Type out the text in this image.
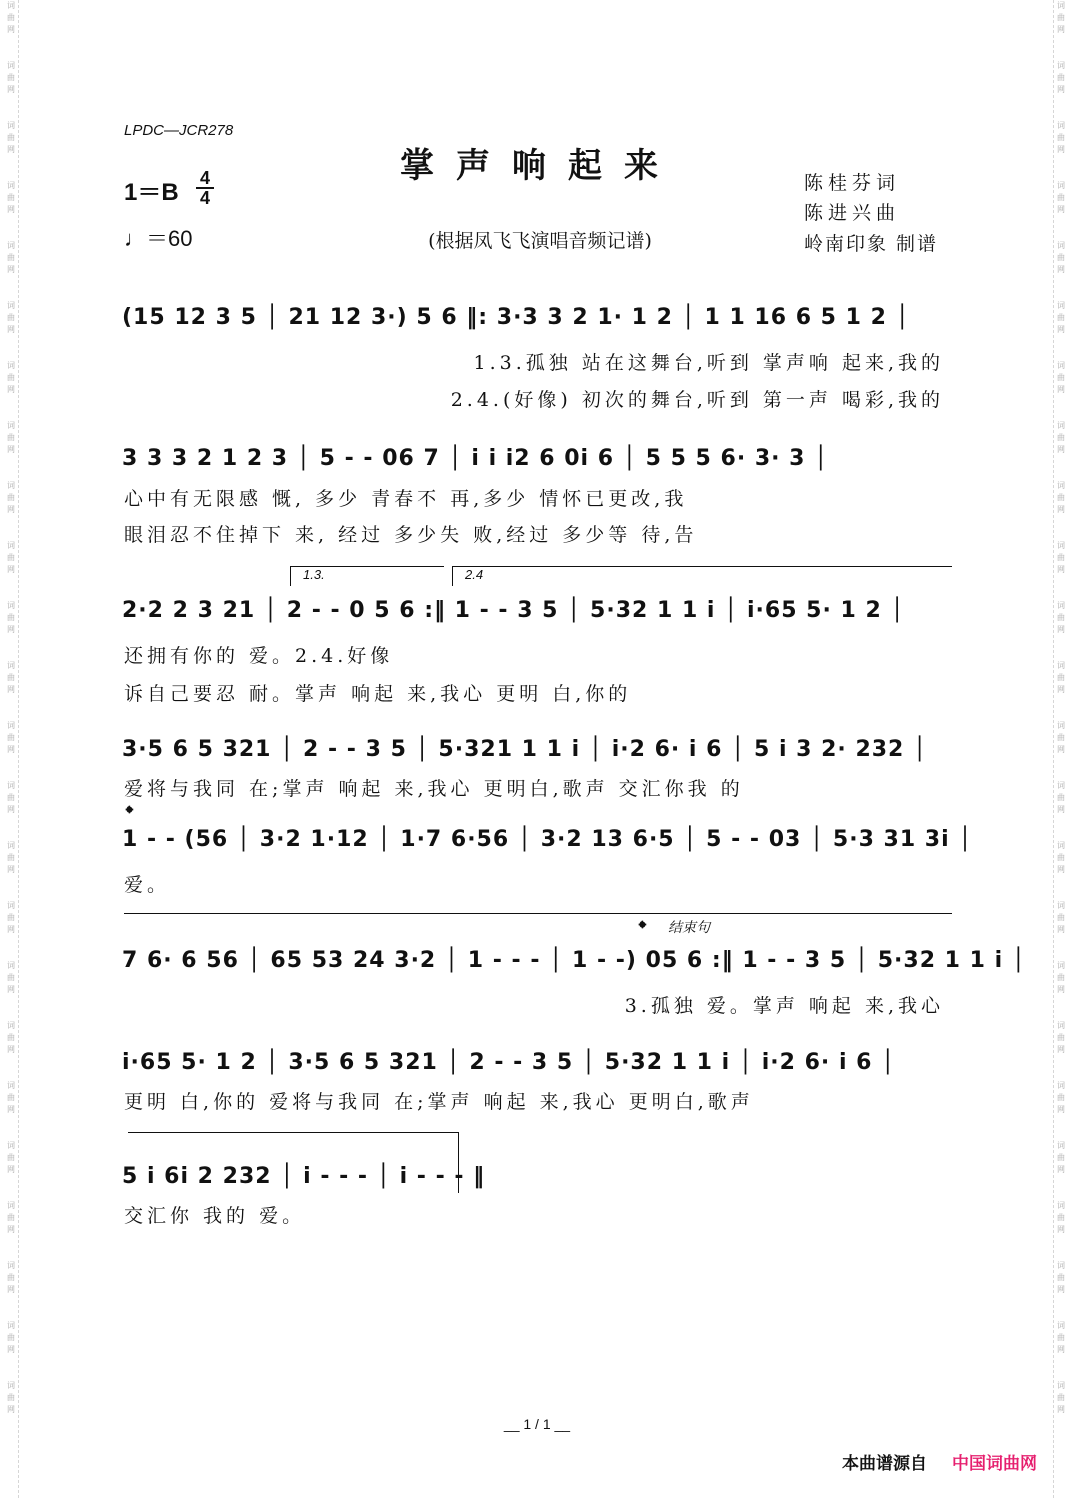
词曲网
词曲网
词曲网
词曲网
词曲网
词曲网
词曲网
词曲网
词曲网
词曲网
词曲网
词曲网
词曲网
词曲网
词曲网
词曲网
词曲网
词曲网
词曲网
词曲网
词曲网
词曲网
词曲网
词曲网
词曲网
词曲网
词曲网
词曲网
词曲网
词曲网
词曲网
词曲网
词曲网
词曲网
词曲网
词曲网
词曲网
词曲网
词曲网
词曲网
词曲网
词曲网
词曲网
词曲网
词曲网
词曲网
词曲网
词曲网
LPDC—JCR278
掌声响起来
(根据凤飞飞演唱音频记谱)
陈桂芬词
陈进兴曲
岭南印象 制谱
1＝B
4
4
♩＝60
(15 12 3 5 │ 21 12 3·) 5 6 ‖: 3·3 3 2 1· 1 2 │ 1 1 16 6 5 1 2 │
1.3.孤独 站在这舞台,听到 掌声响 起来,我的
2.4.(好像) 初次的舞台,听到 第一声 喝彩,我的
3 3 3 2 1 2 3 │ 5 - - 06 7 │ i i i2 6 0i 6 │ 5 5 5 6· 3· 3 │
心中有无限感 慨, 多少 青春不 再,多少 情怀已更改,我
眼泪忍不住掉下 来, 经过 多少失 败,经过 多少等 待,告
1.3.	2.4
2·2 2 3 21 │ 2 - - 0 5 6 :‖ 1 - - 3 5 │ 5·32 1 1 i │ i·65 5· 1 2 │
还拥有你的 爱。2.4.好像
诉自己要忍 耐。掌声 响起 来,我心 更明 白,你的
3·5 6 5 321 │ 2 - - 3 5 │ 5·321 1 1 i │ i·2 6· i 6 │ 5 i 3 2· 232 │
爱将与我同 在;掌声 响起 来,我心 更明白,歌声 交汇你我 的
𝄌
1 - - (56 │ 3·2 1·12 │ 1·7 6·56 │ 3·2 13 6·5 │ 5 - - 03 │ 5·3 31 3i │
爱。
𝄌 结束句
7 6· 6 56 │ 65 53 24 3·2 │ 1 - - - │ 1 - -) 05 6 :‖ 1 - - 3 5 │ 5·32 1 1 i │
3.孤独 爱。掌声 响起 来,我心
i·65 5· 1 2 │ 3·5 6 5 321 │ 2 - - 3 5 │ 5·32 1 1 i │ i·2 6· i 6 │
更明 白,你的 爱将与我同 在;掌声 响起 来,我心 更明白,歌声
5 i 6i 2 232 │ i - - - │ i - - - ‖
交汇你 我的 爱。
__ 1 / 1 __
本曲谱源自 中国词曲网
